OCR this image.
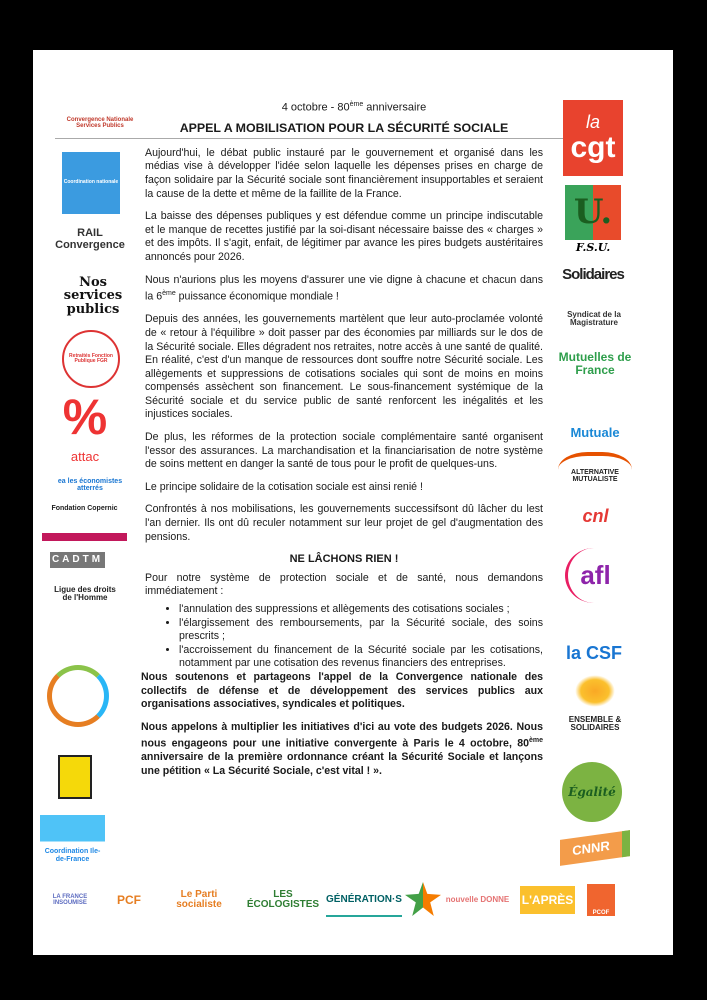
4 octobre - 80ème anniversaire
APPEL A MOBILISATION POUR LA SÉCURITÉ SOCIALE

Aujourd'hui, le débat public instauré par le gouvernement et organisé dans les médias vise à développer l'idée selon laquelle les dépenses prises en charge de façon solidaire par la Sécurité sociale sont financièrement insupportables et seraient la cause de la dette et même de la faillite de la France.

La baisse des dépenses publiques y est défendue comme un principe indiscutable et le manque de recettes justifié par la soi-disant nécessaire baisse des « charges » et des impôts. Il s'agit, enfait, de légitimer par avance les pires budgets austéritaires annoncés pour 2026.

Nous n'aurions plus les moyens d'assurer une vie digne à chacune et chacun dans la 6ème puissance économique mondiale !

Depuis des années, les gouvernements martèlent que leur auto-proclamée volonté de « retour à l'équilibre » doit passer par des économies par milliards sur le dos de la Sécurité sociale. Elles dégradent nos retraites, notre accès à une santé de qualité. En réalité, c'est d'un manque de ressources dont souffre notre Sécurité sociale. Les allègements et suppressions de cotisations sociales qui sont de moins en moins compensés assèchent son financement. Le sous-financement systémique de la Sécurité sociale et du service public de santé renforcent les inégalités et les injustices sociales.

De plus, les réformes de la protection sociale complémentaire santé organisent l'essor des assurances. La marchandisation et la financiarisation de notre système de soins mettent en danger la santé de tous pour le profit de quelques-uns.

Le principe solidaire de la cotisation sociale est ainsi renié !

Confrontés à nos mobilisations, les gouvernements successifsont dû lâcher du lest l'an dernier. Ils ont dû reculer notamment sur leur projet de gel d'augmentation des pensions.

NE LÂCHONS RIEN !

Pour notre système de protection sociale et de santé, nous demandons immédiatement :

• l'annulation des suppressions et allègements des cotisations sociales ;
• l'élargissement des remboursements, par la Sécurité sociale, des soins prescrits ;
• l'accroissement du financement de la Sécurité sociale par les cotisations, notamment par une cotisation des revenus financiers des entreprises.

Nous soutenons et partageons l'appel de la Convergence nationale des collectifs de défense et de développement des services publics aux organisations associatives, syndicales et politiques.

Nous appelons à multiplier les initiatives d'ici au vote des budgets 2026. Nous nous engageons pour une initiative convergente à Paris le 4 octobre, 80ème anniversaire de la première ordonnance créant la Sécurité Sociale et lançons une pétition « La Sécurité Sociale, c'est vital ! ».

Convergence Nationale Services Publics
Coordination nationale
RAIL Convergence
Nos services publics
Retraités Fonction Publique FGR
%
attac
ea les économistes atterrés
Fondation Copernic
CADTM
Ligue des droits de l'Homme
Coordination Ile-de-France
la
cgt
U.
F.S.U.
Solidaires
Syndicat de la Magistrature
Mutuelles de France
Mutuale
ALTERNATIVE MUTUALISTE
cnl
afl
la CSF
ENSEMBLE & SOLIDAIRES
Égalité
CNNR
LA FRANCE INSOUMISE	PCF	Le Parti socialiste
LES ÉCOLOGISTES GÉNÉRATION·S	nouvelle DONNE L'APRÈS
PCOF
